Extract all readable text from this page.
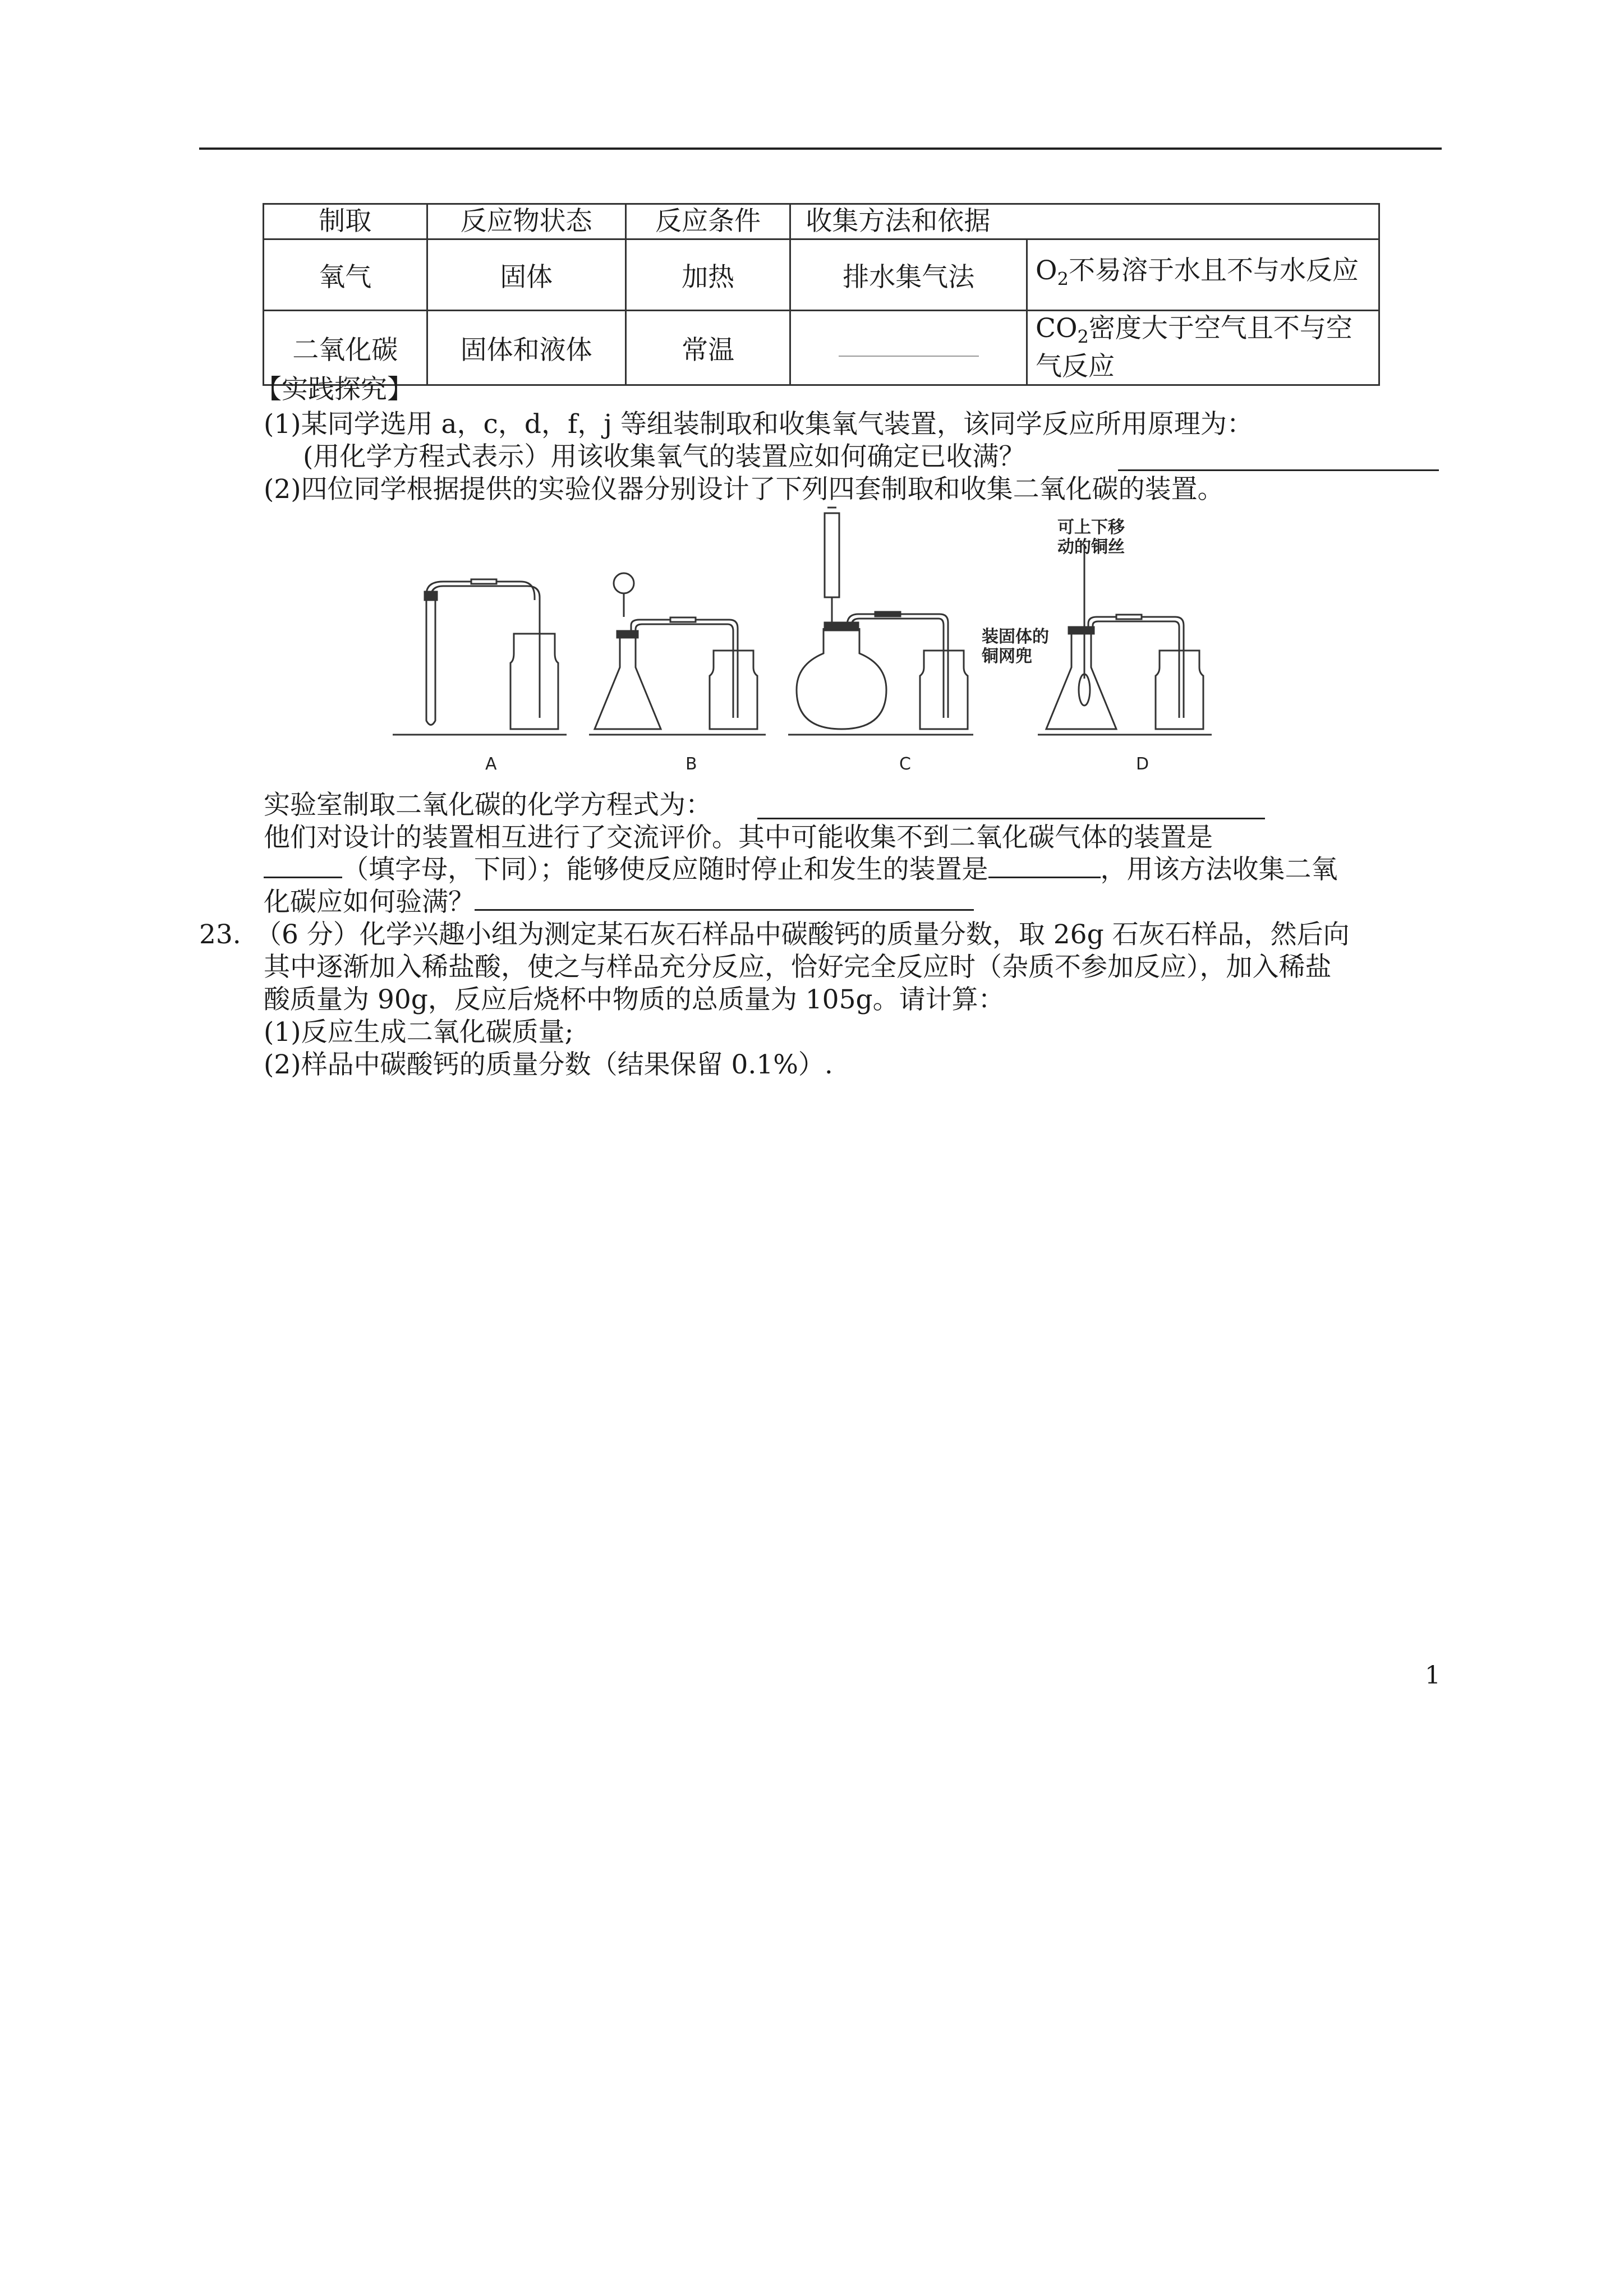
制取	反应物状态	反应条件	收集方法和依据	
氧气	固体	加热	排水集气法	$O_2$不易溶于水且不与水反应
二氧化碳	固体和液体	常温		$CO_2$密度大于空气且不与空气反应
【实践探究】
(1)某同学选用 a，c，d，f，j 等组装制取和收集氧气装置，该同学反应所用原理为：
(用化学方程式表示）用该收集氧气的装置应如何确定已收满？
(2)四位同学根据提供的实验仪器分别设计了下列四套制取和收集二氧化碳的装置。
可上下移
动的铜丝
装固体的
铜网兜
A	B	C	D
实验室制取二氧化碳的化学方程式为：
他们对设计的装置相互进行了交流评价。其中可能收集不到二氧化碳气体的装置是
（填字母，下同）；能够使反应随时停止和发生的装置是	，用该方法收集二氧
化碳应如何验满？
23. （6 分）化学兴趣小组为测定某石灰石样品中碳酸钙的质量分数，取 26g 石灰石样品，然后向
其中逐渐加入稀盐酸，使之与样品充分反应，恰好完全反应时（杂质不参加反应），加入稀盐
酸质量为 90g，反应后烧杯中物质的总质量为 105g。请计算：
(1)反应生成二氧化碳质量;
(2)样品中碳酸钙的质量分数（结果保留 0.1%）.
1
